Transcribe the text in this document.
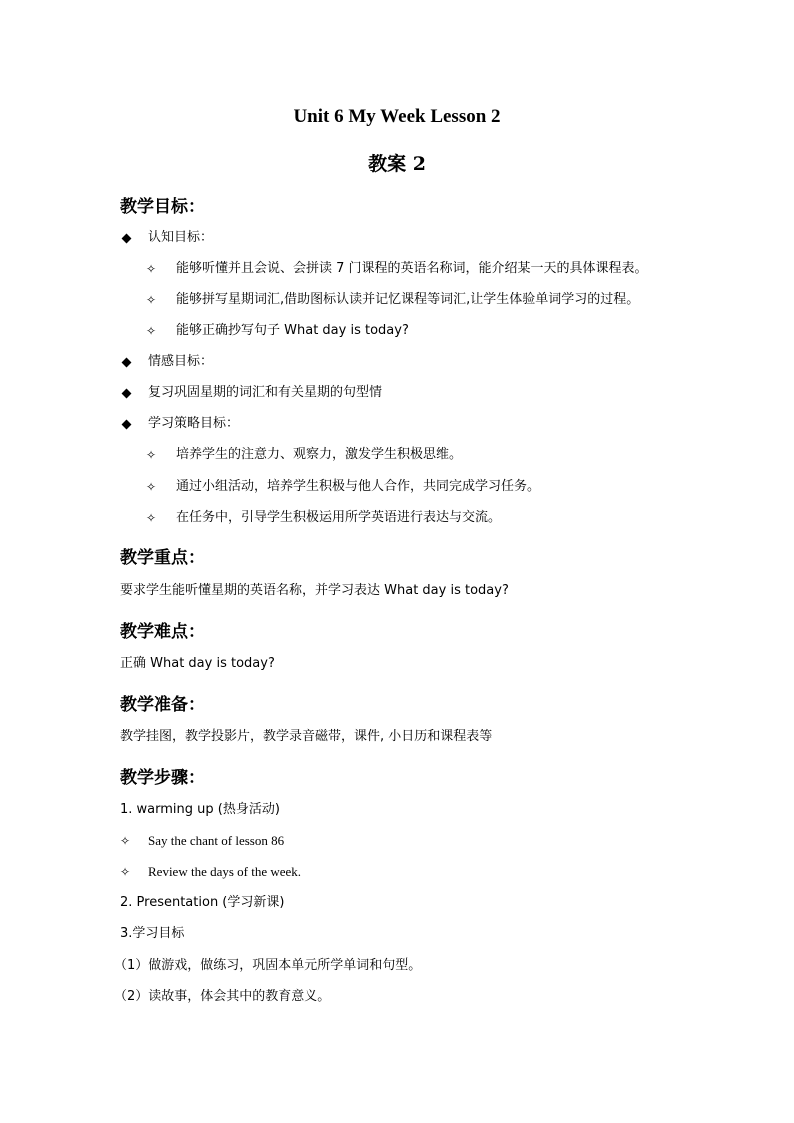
Unit 6 My Week Lesson 2
教案 2
教学目标：
认知目标：
✧ 能够听懂并且会说、会拼读 7 门课程的英语名称词，能介绍某一天的具体课程表。
✧ 能够拼写星期词汇,借助图标认读并记忆课程等词汇,让学生体验单词学习的过程。
✧ 能够正确抄写句子 What day is today?
情感目标：
复习巩固星期的词汇和有关星期的句型情
学习策略目标：
✧ 培养学生的注意力、观察力，激发学生积极思维。
✧ 通过小组活动，培养学生积极与他人合作，共同完成学习任务。
✧ 在任务中，引导学生积极运用所学英语进行表达与交流。
教学重点：
要求学生能听懂星期的英语名称，并学习表达 What day is today?
教学难点：
正确 What day is today?
教学准备：
教学挂图，教学投影片，教学录音磁带，课件, 小日历和课程表等
教学步骤：
1. warming up (热身活动)
✧ Say the chant of lesson 86
✧ Review the days of the week.
2. Presentation (学习新课)
3.学习目标
（1）做游戏，做练习，巩固本单元所学单词和句型。
（2）读故事，体会其中的教育意义。
